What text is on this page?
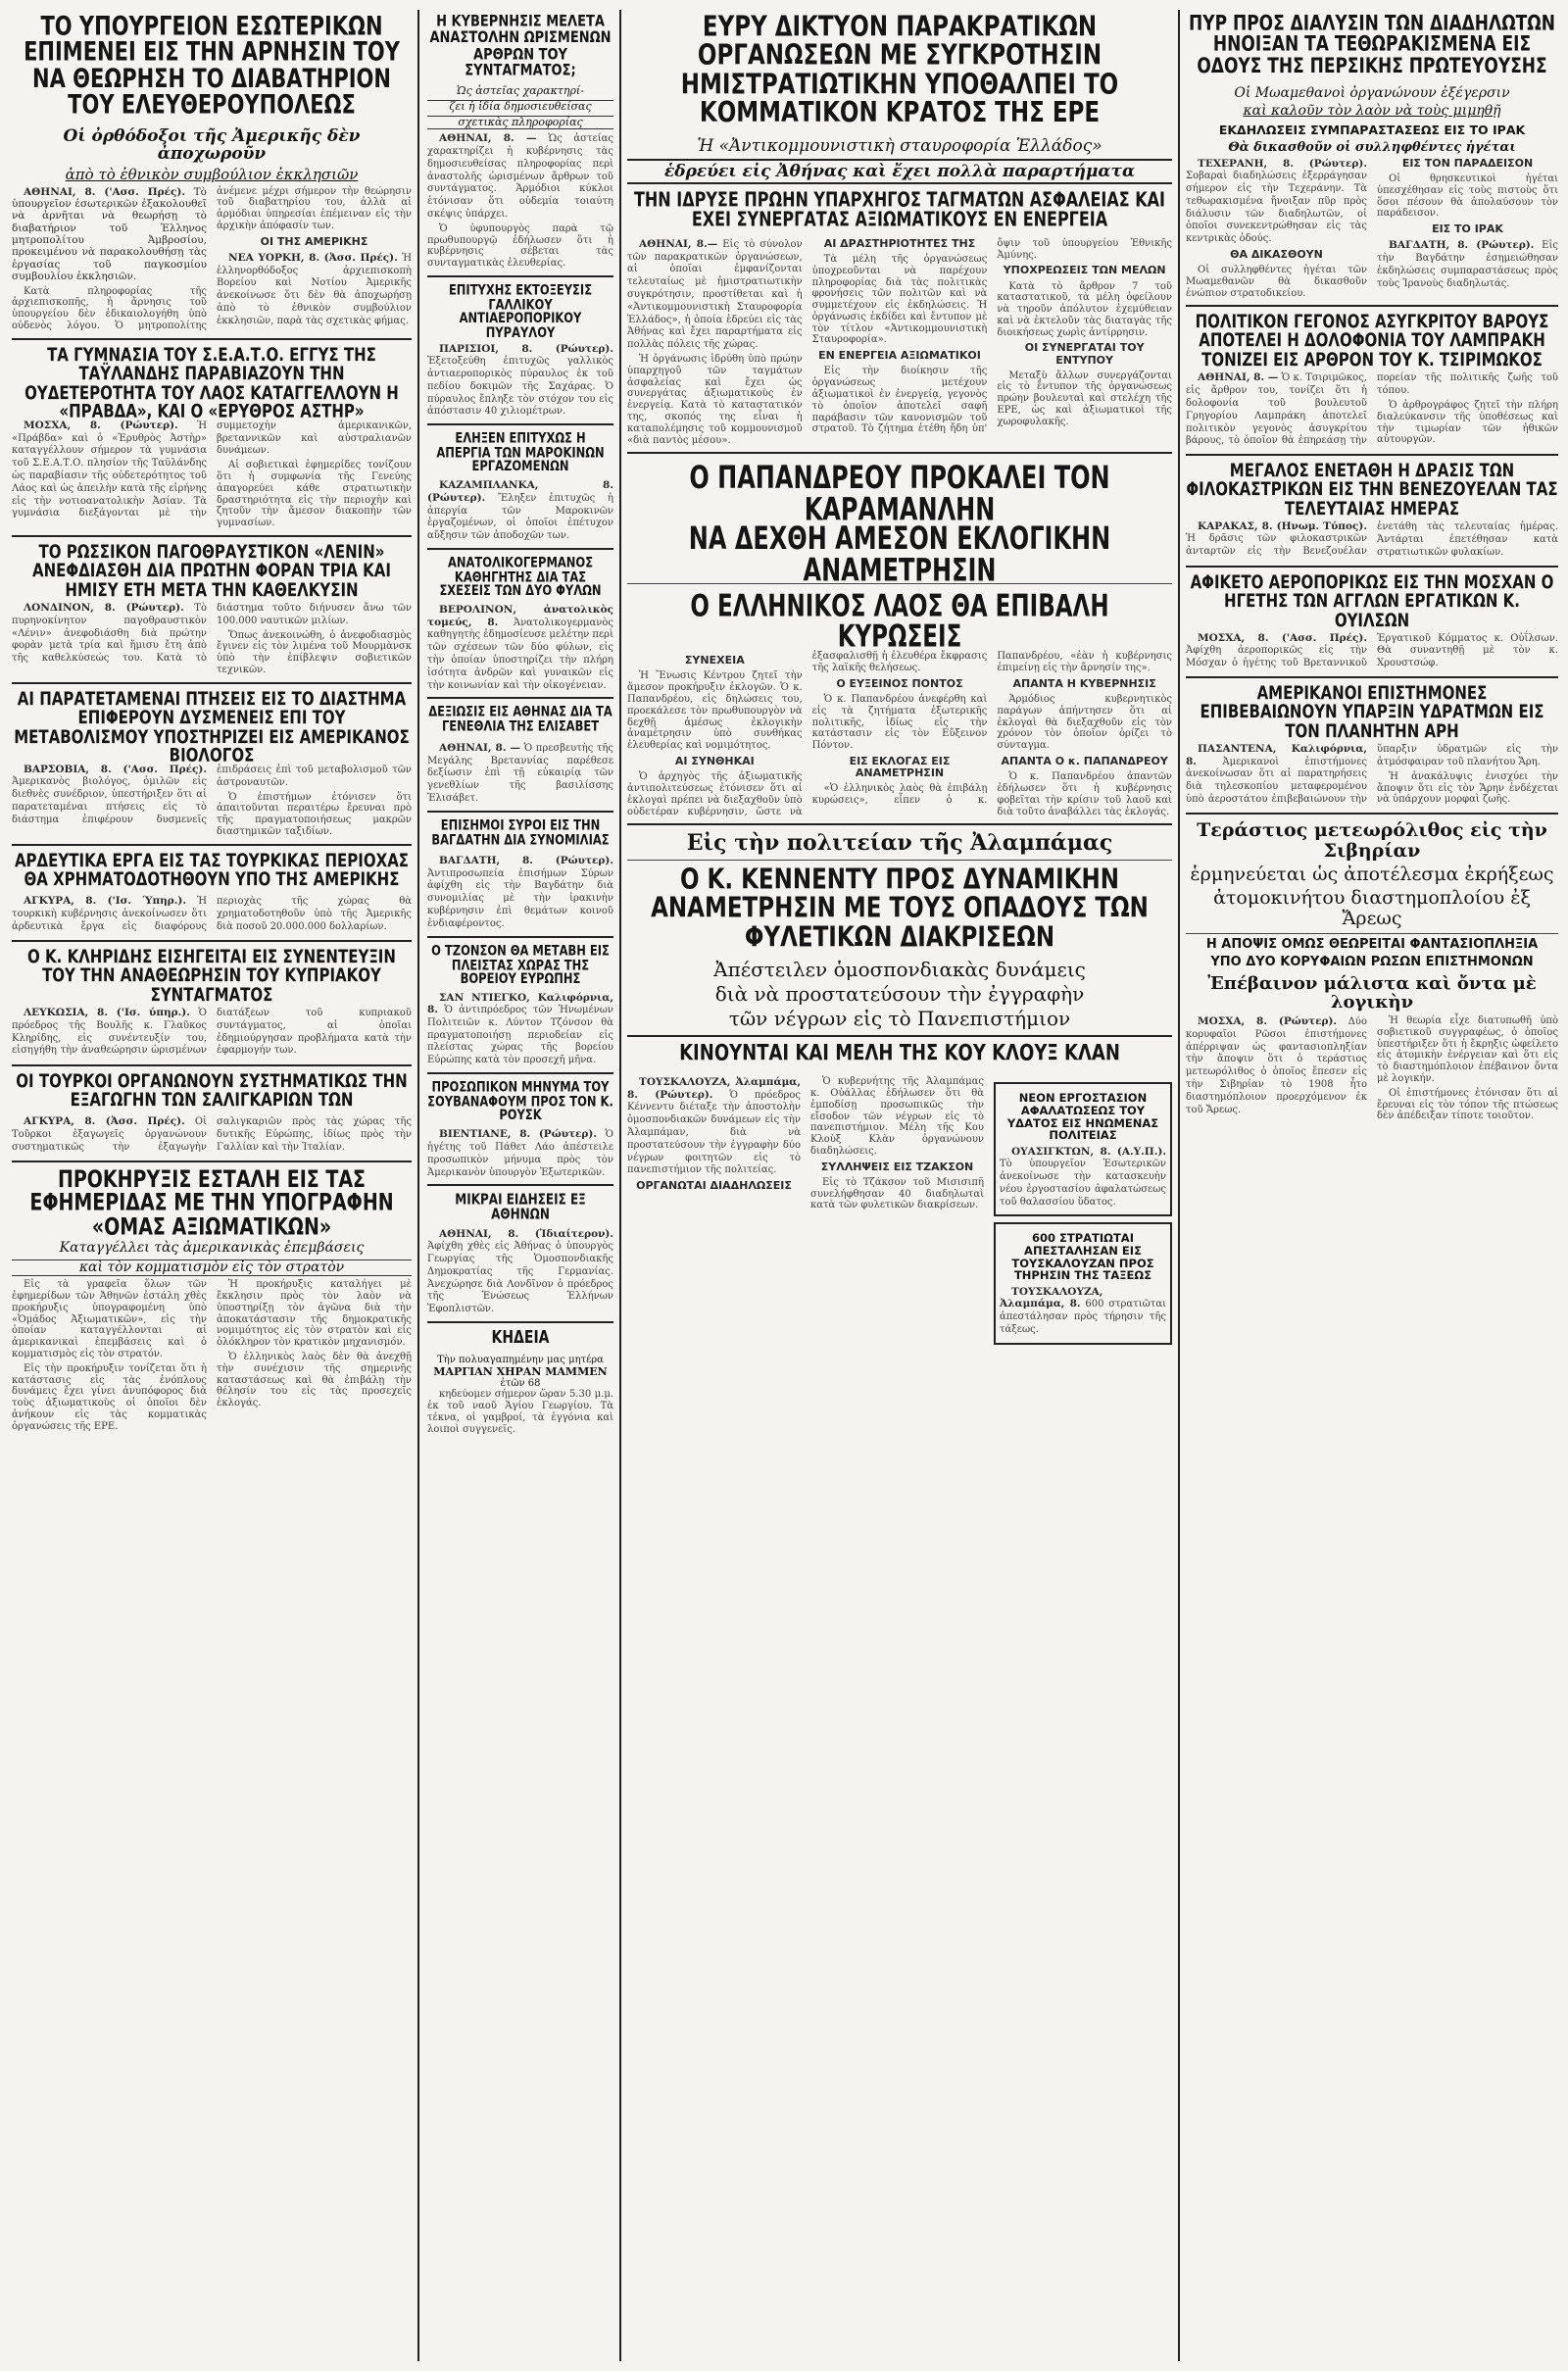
ΤΟ ΥΠΟΥΡΓΕΙΟΝ ΕΣΩΤΕΡΙΚΩΝ ΕΠΙΜΕΝΕΙ ΕΙΣ ΤΗΝ ΑΡΝΗΣΙΝ ΤΟΥ ΝΑ ΘΕΩΡΗΣΗ ΤΟ ΔΙΑΒΑΤΗΡΙΟΝ ΤΟΥ ΕΛΕΥΘΕΡΟΥΠΟΛΕΩΣ
Οἱ ὀρθόδοξοι τῆς Ἀμερικῆς δὲν ἀποχωροῦν
ἀπὸ τὸ ἐθνικὸν συμβούλιον ἐκκλησιῶν

ΑΘΗΝΑΙ, 8. ('Ασσ. Πρές). Τὸ ὑπουργεῖον ἐσωτερικῶν ἐξακολουθεῖ νὰ ἀρνῆται νὰ θεωρήσῃ τὸ διαβατήριον τοῦ Ἐλληνος μητροπολίτου Ἀμβροσίου, προκειμένου νὰ παρακολουθήσῃ τὰς ἐργασίας τοῦ παγκοσμίου συμβουλίου ἐκκλησιῶν.

Κατὰ πληροφορίας τῆς ἀρχιεπισκοπῆς, ἡ ἄρνησις τοῦ ὑπουργείου δὲν ἐδικαιολογήθη ὑπὸ οὐδενὸς λόγου. Ὁ μητροπολίτης ἀνέμενε μέχρι σήμερον τὴν θεώρησιν τοῦ διαβατηρίου του, ἀλλὰ αἱ ἀρμόδιαι ὑπηρεσίαι ἐπέμειναν εἰς τὴν ἀρχικὴν ἀπόφασίν των.

ΟΙ ΤΗΣ ΑΜΕΡΙΚΗΣ

ΝΕΑ ΥΟΡΚΗ, 8. (Ἀσσ. Πρές). Ἡ ἑλληνορθόδοξος ἀρχιεπισκοπὴ Βορείου καὶ Νοτίου Ἀμερικῆς ἀνεκοίνωσε ὅτι δὲν θὰ ἀποχωρήσῃ ἀπὸ τὸ ἐθνικὸν συμβούλιον ἐκκλησιῶν, παρὰ τὰς σχετικὰς φήμας.

ΤΑ ΓΥΜΝΑΣΙΑ ΤΟΥ Σ.Ε.Α.Τ.Ο. ΕΓΓΥΣ ΤΗΣ ΤΑΫΛΑΝΔΗΣ ΠΑΡΑΒΙΑΖΟΥΝ ΤΗΝ ΟΥΔΕΤΕΡΟΤΗΤΑ ΤΟΥ ΛΑΟΣ ΚΑΤΑΓΓΕΛΛΟΥΝ Η «ΠΡΑΒΔΑ», ΚΑΙ Ο «ΕΡΥΘΡΟΣ ΑΣΤΗΡ»

ΜΟΣΧΑ, 8. (Ρώυτερ). Ἡ «Πράβδα» καὶ ὁ «Ἐρυθρὸς Ἀστὴρ» καταγγέλλουν σήμερον τὰ γυμνάσια τοῦ Σ.Ε.Α.Τ.Ο. πλησίον τῆς Ταϋλάνδης ὡς παραβίασιν τῆς οὐδετερότητος τοῦ Λάος καὶ ὡς ἀπειλὴν κατὰ τῆς εἰρήνης εἰς τὴν νοτιοανατολικὴν Ἀσίαν. Τὰ γυμνάσια διεξάγονται μὲ τὴν συμμετοχὴν ἀμερικανικῶν, βρεταννικῶν καὶ αὐστραλιανῶν δυνάμεων.

Αἱ σοβιετικαὶ ἐφημερίδες τονίζουν ὅτι ἡ συμφωνία τῆς Γενεύης ἀπαγορεύει κάθε στρατιωτικὴν δραστηριότητα εἰς τὴν περιοχὴν καὶ ζητοῦν τὴν ἄμεσον διακοπὴν τῶν γυμνασίων.

ΤΟ ΡΩΣΣΙΚΟΝ ΠΑΓΟΘΡΑΥΣΤΙΚΟΝ «ΛΕΝΙΝ» ΑΝΕΦΔΙΑΣΘΗ ΔΙΑ ΠΡΩΤΗΝ ΦΟΡΑΝ ΤΡΙΑ ΚΑΙ ΗΜΙΣΥ ΕΤΗ ΜΕΤΑ ΤΗΝ ΚΑΘΕΛΚΥΣΙΝ

ΛΟΝΔΙΝΟΝ, 8. (Ρώυτερ). Τὸ πυρηνοκίνητον παγοθραυστικὸν «Λένιν» ἀνεφοδιάσθη διὰ πρώτην φορὰν μετὰ τρία καὶ ἥμισυ ἔτη ἀπὸ τῆς καθελκύσεώς του. Κατὰ τὸ διάστημα τοῦτο διήνυσεν ἄνω τῶν 100.000 ναυτικῶν μιλίων.

Ὅπως ἀνεκοινώθη, ὁ ἀνεφοδιασμὸς ἔγινεν εἰς τὸν λιμένα τοῦ Μουρμὰνσκ ὑπὸ τὴν ἐπίβλεψιν σοβιετικῶν τεχνικῶν.

ΑΙ ΠΑΡΑΤΕΤΑΜΕΝΑΙ ΠΤΗΣΕΙΣ ΕΙΣ ΤΟ ΔΙΑΣΤΗΜΑ ΕΠΙΦΕΡΟΥΝ ΔΥΣΜΕΝΕΙΣ ΕΠΙ ΤΟΥ ΜΕΤΑΒΟΛΙΣΜΟΥ ΥΠΟΣΤΗΡΙΖΕΙ ΕΙΣ ΑΜΕΡΙΚΑΝΟΣ ΒΙΟΛΟΓΟΣ

ΒΑΡΣΟΒΙΑ, 8. ('Ασσ. Πρές). Ἀμερικανὸς βιολόγος, ὁμιλῶν εἰς διεθνὲς συνέδριον, ὑπεστήριξεν ὅτι αἱ παρατεταμέναι πτήσεις εἰς τὸ διάστημα ἐπιφέρουν δυσμενεῖς ἐπιδράσεις ἐπὶ τοῦ μεταβολισμοῦ τῶν ἀστροναυτῶν.

Ὁ ἐπιστήμων ἐτόνισεν ὅτι ἀπαιτοῦνται περαιτέρω ἔρευναι πρὸ τῆς πραγματοποιήσεως μακρῶν διαστημικῶν ταξιδίων.

ΑΡΔΕΥΤΙΚΑ ΕΡΓΑ ΕΙΣ ΤΑΣ ΤΟΥΡΚΙΚΑΣ ΠΕΡΙΟΧΑΣ ΘΑ ΧΡΗΜΑΤΟΔΟΤΗΘΟΥΝ ΥΠΟ ΤΗΣ ΑΜΕΡΙΚΗΣ

ΑΓΚΥΡΑ, 8. ('Ισ. Ύπηρ.). Ἡ τουρκικὴ κυβέρνησις ἀνεκοίνωσεν ὅτι ἀρδευτικὰ ἔργα εἰς διαφόρους περιοχὰς τῆς χώρας θὰ χρηματοδοτηθοῦν ὑπὸ τῆς Ἀμερικῆς διὰ ποσοῦ 20.000.000 δολλαρίων.

Ο Κ. ΚΛΗΡΙΔΗΣ ΕΙΣΗΓΕΙΤΑΙ ΕΙΣ ΣΥΝΕΝΤΕΥΞΙΝ ΤΟΥ ΤΗΝ ΑΝΑΘΕΩΡΗΣΙΝ ΤΟΥ ΚΥΠΡΙΑΚΟΥ ΣΥΝΤΑΓΜΑΤΟΣ

ΛΕΥΚΩΣΙΑ, 8. ('Ισ. ύπηρ.). Ὁ πρόεδρος τῆς Βουλῆς κ. Γλαῦκος Κληρίδης, εἰς συνέντευξίν του, εἰσηγήθη τὴν ἀναθεώρησιν ὡρισμένων διατάξεων τοῦ κυπριακοῦ συντάγματος, αἱ ὁποῖαι ἐδημιούργησαν προβλήματα κατὰ τὴν ἐφαρμογήν των.

ΟΙ ΤΟΥΡΚΟΙ ΟΡΓΑΝΩΝΟΥΝ ΣΥΣΤΗΜΑΤΙΚΩΣ ΤΗΝ ΕΞΑΓΩΓΗΝ ΤΩΝ ΣΑΛΙΓΚΑΡΙΩΝ ΤΩΝ

ΑΓΚΥΡΑ, 8. (Ἀσσ. Πρές). Οἱ Τοῦρκοι ἐξαγωγεῖς ὀργανώνουν συστηματικῶς τὴν ἐξαγωγὴν σαλιγκαριῶν πρὸς τὰς χώρας τῆς δυτικῆς Εὐρώπης, ἰδίως πρὸς τὴν Γαλλίαν καὶ τὴν Ἰταλίαν.

ΠΡΟΚΗΡΥΞΙΣ ΕΣΤΑΛΗ ΕΙΣ ΤΑΣ ΕΦΗΜΕΡΙΔΑΣ ΜΕ ΤΗΝ ΥΠΟΓΡΑΦΗΝ «ΟΜΑΣ ΑΞΙΩΜΑΤΙΚΩΝ»
Καταγγέλλει τὰς ἀμερικανικὰς ἐπεμβάσεις
καὶ τὸν κομματισμὸν εἰς τὸν στρατὸν

Εἰς τὰ γραφεῖα ὅλων τῶν ἐφημερίδων τῶν Ἀθηνῶν ἐστάλη χθὲς προκήρυξις ὑπογραφομένη ὑπὸ «Ὁμάδος Ἀξιωματικῶν», εἰς τὴν ὁποίαν καταγγέλλονται αἱ ἀμερικανικαὶ ἐπεμβάσεις καὶ ὁ κομματισμὸς εἰς τὸν στρατόν.

Εἰς τὴν προκήρυξιν τονίζεται ὅτι ἡ κατάστασις εἰς τὰς ἐνόπλους δυνάμεις ἔχει γίνει ἀνυπόφορος διὰ τοὺς ἀξιωματικοὺς οἱ ὁποῖοι δὲν ἀνήκουν εἰς τὰς κομματικὰς ὀργανώσεις τῆς ΕΡΕ.

Ἡ προκήρυξις καταλήγει μὲ ἔκκλησιν πρὸς τὸν λαὸν νὰ ὑποστηρίξῃ τὸν ἀγῶνα διὰ τὴν ἀποκατάστασιν τῆς δημοκρατικῆς νομιμότητος εἰς τὸν στρατὸν καὶ εἰς ὁλόκληρον τὸν κρατικὸν μηχανισμόν.

Ὁ ἑλληνικὸς λαὸς δὲν θὰ ἀνεχθῇ τὴν συνέχισιν τῆς σημερινῆς καταστάσεως καὶ θὰ ἐπιβάλῃ τὴν θέλησίν του εἰς τὰς προσεχεῖς ἐκλογάς.

Η ΚΥΒΕΡΝΗΣΙΣ ΜΕΛΕΤΑ ΑΝΑΣΤΟΛΗΝ ΩΡΙΣΜΕΝΩΝ ΑΡΘΡΩΝ ΤΟΥ ΣΥΝΤΑΓΜΑΤΟΣ;
Ὡς ἀστεῖας χαρακτηρί-
ζει ἡ ἰδία δημοσιευθείσας
σχετικὰς πληροφορίας

ΑΘΗΝΑΙ, 8. — Ὡς ἀστείας χαρακτηρίζει ἡ κυβέρνησις τὰς δημοσιευθείσας πληροφορίας περὶ ἀναστολῆς ὡρισμένων ἄρθρων τοῦ συντάγματος. Ἁρμόδιοι κύκλοι ἐτόνισαν ὅτι οὐδεμία τοιαύτη σκέψις ὑπάρχει.

Ὁ ὑφυπουργὸς παρὰ τῷ πρωθυπουργῷ ἐδήλωσεν ὅτι ἡ κυβέρνησις σέβεται τὰς συνταγματικὰς ἐλευθερίας.

ΕΠΙΤΥΧΗΣ ΕΚΤΟΞΕΥΣΙΣ ΓΑΛΛΙΚΟΥ ΑΝΤΙΑΕΡΟΠΟΡΙΚΟΥ ΠΥΡΑΥΛΟΥ

ΠΑΡΙΣΙΟΙ, 8. (Ρώυτερ). Ἐξετοξεύθη ἐπιτυχῶς γαλλικὸς ἀντιαεροπορικὸς πύραυλος ἐκ τοῦ πεδίου δοκιμῶν τῆς Σαχάρας. Ὁ πύραυλος ἔπληξε τὸν στόχον του εἰς ἀπόστασιν 40 χιλιομέτρων.

ΕΛΗΞΕΝ ΕΠΙΤΥΧΩΣ Η ΑΠΕΡΓΙΑ ΤΩΝ ΜΑΡΟΚΙΝΩΝ ΕΡΓΑΖΟΜΕΝΩΝ

ΚΑΖΑΜΠΛΑΝΚΑ, 8. (Ρώυτερ). Ἔληξεν ἐπιτυχῶς ἡ ἀπεργία τῶν Μαροκινῶν ἐργαζομένων, οἱ ὁποῖοι ἐπέτυχον αὔξησιν τῶν ἀποδοχῶν των.

ΑΝΑΤΟΛΙΚΟΓΕΡΜΑΝΟΣ ΚΑΘΗΓΗΤΗΣ ΔΙΑ ΤΑΣ ΣΧΕΣΕΙΣ ΤΩΝ ΔΥΟ ΦΥΛΩΝ

ΒΕΡΟΛΙΝΟΝ, ἀνατολικὸς τομεύς, 8. Ἀνατολικογερμανὸς καθηγητὴς ἐδημοσίευσε μελέτην περὶ τῶν σχέσεων τῶν δύο φύλων, εἰς τὴν ὁποίαν ὑποστηρίζει τὴν πλήρη ἰσότητα ἀνδρῶν καὶ γυναικῶν εἰς τὴν κοινωνίαν καὶ τὴν οἰκογένειαν.

ΔΕΞΙΩΣΙΣ ΕΙΣ ΑΘΗΝΑΣ ΔΙΑ ΤΑ ΓΕΝΕΘΛΙΑ ΤΗΣ ΕΛΙΣΑΒΕΤ

ΑΘΗΝΑΙ, 8. — Ὁ πρεσβευτὴς τῆς Μεγάλης Βρεταννίας παρέθεσε δεξίωσιν ἐπὶ τῇ εὐκαιρίᾳ τῶν γενεθλίων τῆς βασιλίσσης Ἐλισάβετ.

ΕΠΙΣΗΜΟΙ ΣΥΡΟΙ ΕΙΣ ΤΗΝ ΒΑΓΔΑΤΗΝ ΔΙΑ ΣΥΝΟΜΙΛΙΑΣ

ΒΑΓΔΑΤΗ, 8. (Ρώυτερ). Ἀντιπροσωπεία ἐπισήμων Σύρων ἀφίχθη εἰς τὴν Βαγδάτην διὰ συνομιλίας μὲ τὴν ἰρακινὴν κυβέρνησιν ἐπὶ θεμάτων κοινοῦ ἐνδιαφέροντος.

Ο ΤΖΟΝΣΟΝ ΘΑ ΜΕΤΑΒΗ ΕΙΣ ΠΛΕΙΣΤΑΣ ΧΩΡΑΣ ΤΗΣ ΒΟΡΕΙΟΥ ΕΥΡΩΠΗΣ

ΣΑΝ ΝΤΙΕΓΚΟ, Καλιφόρνια, 8. Ὁ ἀντιπρόεδρος τῶν Ἡνωμένων Πολιτειῶν κ. Λύντον Τζόνσον θὰ πραγματοποιήσῃ περιοδείαν εἰς πλείστας χώρας τῆς βορείου Εὐρώπης κατὰ τὸν προσεχῆ μῆνα.

ΠΡΟΣΩΠΙΚΟΝ ΜΗΝΥΜΑ ΤΟΥ ΣΟΥΒΑΝΑΦΟΥΜ ΠΡΟΣ ΤΟΝ Κ. ΡΟΥΣΚ

ΒΙΕΝΤΙΑΝΕ, 8. (Ρώυτερ). Ὁ ἡγέτης τοῦ Πάθετ Λάο ἀπέστειλε προσωπικὸν μήνυμα πρὸς τὸν Ἀμερικανὸν ὑπουργὸν Ἐξωτερικῶν.

ΜΙΚΡΑΙ ΕΙΔΗΣΕΙΣ ΕΞ ΑΘΗΝΩΝ

ΑΘΗΝΑΙ, 8. (Ἰδιαίτερον). Ἀφίχθη χθὲς εἰς Ἀθήνας ὁ ὑπουργὸς Γεωργίας τῆς Ὁμοσπονδιακῆς Δημοκρατίας τῆς Γερμανίας. Ἀνεχώρησε διὰ Λονδῖνον ὁ πρόεδρος τῆς Ἐνώσεως Ἑλλήνων Ἐφοπλιστῶν.

ΚΗΔΕΙΑ
Τὴν πολυαγαπημένην μας μητέρα
ΜΑΡΓΙΑΝ ΧΗΡΑΝ ΜΑΜΜΕΝ
ἐτῶν 68

κηδεύομεν σήμερον ὥραν 5.30 μ.μ. ἐκ τοῦ ναοῦ Ἁγίου Γεωργίου. Τὰ τέκνα, οἱ γαμβροί, τὰ ἐγγόνια καὶ λοιποὶ συγγενεῖς.

ΕΥΡΥ ΔΙΚΤΥΟΝ ΠΑΡΑΚΡΑΤΙΚΩΝ ΟΡΓΑΝΩΣΕΩΝ ΜΕ ΣΥΓΚΡΟΤΗΣΙΝ ΗΜΙΣΤΡΑΤΙΩΤΙΚΗΝ ΥΠΟΘΑΛΠΕΙ ΤΟ ΚΟΜΜΑΤΙΚΟΝ ΚΡΑΤΟΣ ΤΗΣ ΕΡΕ
Ἡ «Ἀντικομμουνιστικὴ σταυροφορία Ἑλλάδος»
ἑδρεύει εἰς Ἀθήνας καὶ ἔχει πολλὰ παραρτήματα
ΤΗΝ ΙΔΡΥΣΕ ΠΡΩΗΝ ΥΠΑΡΧΗΓΟΣ ΤΑΓΜΑΤΩΝ ΑΣΦΑΛΕΙΑΣ ΚΑΙ ΕΧΕΙ ΣΥΝΕΡΓΑΤΑΣ ΑΞΙΩΜΑΤΙΚΟΥΣ ΕΝ ΕΝΕΡΓΕΙΑ

ΑΘΗΝΑΙ, 8.— Εἰς τὸ σύνολον τῶν παρακρατικῶν ὀργανώσεων, αἱ ὁποῖαι ἐμφανίζονται τελευταίως μὲ ἡμιστρατιωτικὴν συγκρότησιν, προστίθεται καὶ ἡ «Ἀντικομμουνιστικὴ Σταυροφορία Ἑλλάδος», ἡ ὁποία ἑδρεύει εἰς τὰς Ἀθήνας καὶ ἔχει παραρτήματα εἰς πολλὰς πόλεις τῆς χώρας.

Ἡ ὀργάνωσις ἱδρύθη ὑπὸ πρώην ὑπαρχηγοῦ τῶν ταγμάτων ἀσφαλείας καὶ ἔχει ὡς συνεργάτας ἀξιωματικοὺς ἐν ἐνεργείᾳ. Κατὰ τὸ καταστατικόν της, σκοπός της εἶναι ἡ καταπολέμησις τοῦ κομμουνισμοῦ «διὰ παντὸς μέσου».

ΑΙ ΔΡΑΣΤΗΡΙΟΤΗΤΕΣ ΤΗΣ

Τὰ μέλη τῆς ὀργανώσεως ὑποχρεοῦνται νὰ παρέχουν πληροφορίας διὰ τὰς πολιτικὰς φρονήσεις τῶν πολιτῶν καὶ νὰ συμμετέχουν εἰς ἐκδηλώσεις. Ἡ ὀργάνωσις ἐκδίδει καὶ ἔντυπον μὲ τὸν τίτλον «Ἀντικομμουνιστικὴ Σταυροφορία».

ΕΝ ΕΝΕΡΓΕΙΑ ΑΞΙΩΜΑΤΙΚΟΙ

Εἰς τὴν διοίκησιν τῆς ὀργανώσεως μετέχουν ἀξιωματικοὶ ἐν ἐνεργείᾳ, γεγονὸς τὸ ὁποῖον ἀποτελεῖ σαφῆ παράβασιν τῶν κανονισμῶν τοῦ στρατοῦ. Τὸ ζήτημα ἐτέθη ἤδη ὑπ' ὄψιν τοῦ ὑπουργείου Ἐθνικῆς Ἀμύνης.

ΥΠΟΧΡΕΩΣΕΙΣ ΤΩΝ ΜΕΛΩΝ

Κατὰ τὸ ἄρθρον 7 τοῦ καταστατικοῦ, τὰ μέλη ὀφείλουν νὰ τηροῦν ἀπόλυτον ἐχεμύθειαν καὶ νὰ ἐκτελοῦν τὰς διαταγὰς τῆς διοικήσεως χωρὶς ἀντίρρησιν.

ΟΙ ΣΥΝΕΡΓΑΤΑΙ ΤΟΥ ΕΝΤΥΠΟΥ

Μεταξὺ ἄλλων συνεργάζονται εἰς τὸ ἔντυπον τῆς ὀργανώσεως πρώην βουλευταὶ καὶ στελέχη τῆς ΕΡΕ, ὡς καὶ ἀξιωματικοὶ τῆς χωροφυλακῆς.

Ο ΠΑΠΑΝΔΡΕΟΥ ΠΡΟΚΑΛΕΙ ΤΟΝ ΚΑΡΑΜΑΝΛΗΝ
ΝΑ ΔΕΧΘΗ ΑΜΕΣΟΝ ΕΚΛΟΓΙΚΗΝ ΑΝΑΜΕΤΡΗΣΙΝ
Ο ΕΛΛΗΝΙΚΟΣ ΛΑΟΣ ΘΑ ΕΠΙΒΑΛΗ ΚΥΡΩΣΕΙΣ
ΣΥΝΕΧΕΙΑ

Ἡ Ἕνωσις Κέντρου ζητεῖ τὴν ἄμεσον προκήρυξιν ἐκλογῶν. Ὁ κ. Παπανδρέου, εἰς δηλώσεις του, προεκάλεσε τὸν πρωθυπουργὸν νὰ δεχθῇ ἀμέσως ἐκλογικὴν ἀναμέτρησιν ὑπὸ συνθήκας ἐλευθερίας καὶ νομιμότητος.

ΑΙ ΣΥΝΘΗΚΑΙ

Ὁ ἀρχηγὸς τῆς ἀξιωματικῆς ἀντιπολιτεύσεως ἐτόνισεν ὅτι αἱ ἐκλογαὶ πρέπει νὰ διεξαχθοῦν ὑπὸ οὐδετέραν κυβέρνησιν, ὥστε νὰ ἐξασφαλισθῇ ἡ ἐλευθέρα ἔκφρασις τῆς λαϊκῆς θελήσεως.

Ο ΕΥΞΕΙΝΟΣ ΠΟΝΤΟΣ

Ὁ κ. Παπανδρέου ἀνεφέρθη καὶ εἰς τὰ ζητήματα ἐξωτερικῆς πολιτικῆς, ἰδίως εἰς τὴν κατάστασιν εἰς τὸν Εὔξεινον Πόντον.

ΕΙΣ ΕΚΛΟΓΑΣ ΕΙΣ ΑΝΑΜΕΤΡΗΣΙΝ

«Ὁ ἑλληνικὸς λαὸς θὰ ἐπιβάλῃ κυρώσεις», εἶπεν ὁ κ. Παπανδρέου, «ἐὰν ἡ κυβέρνησις ἐπιμείνῃ εἰς τὴν ἄρνησίν της».

ΑΠΑΝΤΑ Η ΚΥΒΕΡΝΗΣΙΣ

Ἁρμόδιος κυβερνητικὸς παράγων ἀπήντησεν ὅτι αἱ ἐκλογαὶ θὰ διεξαχθοῦν εἰς τὸν χρόνον τὸν ὁποῖον ὁρίζει τὸ σύνταγμα.

ΑΠΑΝΤΑ Ο κ. ΠΑΠΑΝΔΡΕΟΥ

Ὁ κ. Παπανδρέου ἀπαντῶν ἐδήλωσεν ὅτι ἡ κυβέρνησις φοβεῖται τὴν κρίσιν τοῦ λαοῦ καὶ διὰ τοῦτο ἀναβάλλει τὰς ἐκλογάς.

Εἰς τὴν πολιτείαν τῆς Ἀλαμπάμας
Ο Κ. ΚΕΝΝΕΝΤΥ ΠΡΟΣ ΔΥΝΑΜΙΚΗΝ ΑΝΑΜΕΤΡΗΣΙΝ ΜΕ ΤΟΥΣ ΟΠΑΔΟΥΣ ΤΩΝ ΦΥΛΕΤΙΚΩΝ ΔΙΑΚΡΙΣΕΩΝ
Ἀπέστειλεν ὁμοσπονδιακὰς δυνάμεις
διὰ νὰ προστατεύσουν τὴν ἐγγραφὴν
τῶν νέγρων εἰς τὸ Πανεπιστήμιον
ΚΙΝΟΥΝΤΑΙ ΚΑΙ ΜΕΛΗ ΤΗΣ ΚΟΥ ΚΛΟΥΞ ΚΛΑΝ

ΤΟΥΣΚΑΛΟΥΖΑ, Ἀλαμπάμα, 8. (Ρώυτερ). Ὁ πρόεδρος Κέννεντυ διέταξε τὴν ἀποστολὴν ὁμοσπονδιακῶν δυνάμεων εἰς τὴν Ἀλαμπάμαν, διὰ νὰ προστατεύσουν τὴν ἐγγραφὴν δύο νέγρων φοιτητῶν εἰς τὸ πανεπιστήμιον τῆς πολιτείας.

ΟΡΓΑΝΩΤΑΙ ΔΙΑΔΗΛΩΣΕΙΣ

Ὁ κυβερνήτης τῆς Ἀλαμπάμας κ. Οὐάλλας ἐδήλωσεν ὅτι θὰ ἐμποδίσῃ προσωπικῶς τὴν εἴσοδον τῶν νέγρων εἰς τὸ πανεπιστήμιον. Μέλη τῆς Κου Κλοὺξ Κλὰν ὀργανώνουν διαδηλώσεις.

ΣΥΛΛΗΨΕΙΣ ΕΙΣ ΤΖΑΚΣΟΝ

Εἰς τὸ Τζάκσον τοῦ Μισισιπῆ συνελήφθησαν 40 διαδηλωταὶ κατὰ τῶν φυλετικῶν διακρίσεων.

ΝΕΟΝ ΕΡΓΟΣΤΑΣΙΟΝ ΑΦΑΛΑΤΩΣΕΩΣ ΤΟΥ ΥΔΑΤΟΣ ΕΙΣ ΗΝΩΜΕΝΑΣ ΠΟΛΙΤΕΙΑΣ

ΟΥΑΣΙΓΚΤΩΝ, 8. (Α.Υ.Π.). Τὸ ὑπουργεῖον Ἐσωτερικῶν ἀνεκοίνωσε τὴν κατασκευὴν νέου ἐργοστασίου ἀφαλατώσεως τοῦ θαλασσίου ὕδατος.

600 ΣΤΡΑΤΙΩΤΑΙ ΑΠΕΣΤΑΛΗΣΑΝ ΕΙΣ ΤΟΥΣΚΑΛΟΥΖΑΝ ΠΡΟΣ ΤΗΡΗΣΙΝ ΤΗΣ ΤΑΞΕΩΣ

ΤΟΥΣΚΑΛΟΥΖΑ, Ἀλαμπάμα, 8. 600 στρατιῶται ἀπεστάλησαν πρὸς τήρησιν τῆς τάξεως.

ΠΥΡ ΠΡΟΣ ΔΙΑΛΥΣΙΝ ΤΩΝ ΔΙΑΔΗΛΩΤΩΝ ΗΝΟΙΞΑΝ ΤΑ ΤΕΘΩΡΑΚΙΣΜΕΝΑ ΕΙΣ ΟΔΟΥΣ ΤΗΣ ΠΕΡΣΙΚΗΣ ΠΡΩΤΕΥΟΥΣΗΣ
Οἱ Μωαμεθανοὶ ὀργανώνουν ἐξέγερσιν
καὶ καλοῦν τὸν λαὸν νὰ τοὺς μιμηθῇ
ΕΚΔΗΛΩΣΕΙΣ ΣΥΜΠΑΡΑΣΤΑΣΕΩΣ ΕΙΣ ΤΟ ΙΡΑΚ
Θὰ δικασθοῦν οἱ συλληφθέντες ἡγέται

ΤΕΧΕΡΑΝΗ, 8. (Ρώυτερ). Σοβαραὶ διαδηλώσεις ἐξερράγησαν σήμερον εἰς τὴν Τεχεράνην. Τὰ τεθωρακισμένα ἤνοιξαν πῦρ πρὸς διάλυσιν τῶν διαδηλωτῶν, οἱ ὁποῖοι συνεκεντρώθησαν εἰς τὰς κεντρικὰς ὁδούς.

ΘΑ ΔΙΚΑΣΘΟΥΝ

Οἱ συλληφθέντες ἡγέται τῶν Μωαμεθανῶν θὰ δικασθοῦν ἐνώπιον στρατοδικείου.

ΕΙΣ ΤΟΝ ΠΑΡΑΔΕΙΣΟΝ

Οἱ θρησκευτικοὶ ἡγέται ὑπεσχέθησαν εἰς τοὺς πιστοὺς ὅτι ὅσοι πέσουν θὰ ἀπολαύσουν τὸν παράδεισον.

ΕΙΣ ΤΟ ΙΡΑΚ

ΒΑΓΔΑΤΗ, 8. (Ρώυτερ). Εἰς τὴν Βαγδάτην ἐσημειώθησαν ἐκδηλώσεις συμπαραστάσεως πρὸς τοὺς Ἰρανοὺς διαδηλωτάς.

ΠΟΛΙΤΙΚΟΝ ΓΕΓΟΝΟΣ ΑΣΥΓΚΡΙΤΟΥ ΒΑΡΟΥΣ ΑΠΟΤΕΛΕΙ Η ΔΟΛΟΦΟΝΙΑ ΤΟΥ ΛΑΜΠΡΑΚΗ ΤΟΝΙΖΕΙ ΕΙΣ ΑΡΘΡΟΝ ΤΟΥ Κ. ΤΣΙΡΙΜΩΚΟΣ

ΑΘΗΝΑΙ, 8. — Ὁ κ. Τσιριμῶκος, εἰς ἄρθρον του, τονίζει ὅτι ἡ δολοφονία τοῦ βουλευτοῦ Γρηγορίου Λαμπράκη ἀποτελεῖ πολιτικὸν γεγονὸς ἀσυγκρίτου βάρους, τὸ ὁποῖον θὰ ἐπηρεάσῃ τὴν πορείαν τῆς πολιτικῆς ζωῆς τοῦ τόπου.

Ὁ ἀρθρογράφος ζητεῖ τὴν πλήρη διαλεύκανσιν τῆς ὑποθέσεως καὶ τὴν τιμωρίαν τῶν ἠθικῶν αὐτουργῶν.

ΜΕΓΑΛΟΣ ΕΝΕΤΑΘΗ Η ΔΡΑΣΙΣ ΤΩΝ ΦΙΛΟΚΑΣΤΡΙΚΩΝ ΕΙΣ ΤΗΝ ΒΕΝΕΖΟΥΕΛΑΝ ΤΑΣ ΤΕΛΕΥΤΑΙΑΣ ΗΜΕΡΑΣ

ΚΑΡΑΚΑΣ, 8. (Ηνωμ. Τύπος). Ἡ δρᾶσις τῶν φιλοκαστρικῶν ἀνταρτῶν εἰς τὴν Βενεζουέλαν ἐνετάθη τὰς τελευταίας ἡμέρας. Ἀντάρται ἐπετέθησαν κατὰ στρατιωτικῶν φυλακίων.

ΑΦΙΚΕΤΟ ΑΕΡΟΠΟΡΙΚΩΣ ΕΙΣ ΤΗΝ ΜΟΣΧΑΝ Ο ΗΓΕΤΗΣ ΤΩΝ ΑΓΓΛΩΝ ΕΡΓΑΤΙΚΩΝ Κ. ΟΥΙΛΣΩΝ

ΜΟΣΧΑ, 8. ('Ασσ. Πρές). Ἀφίχθη ἀεροπορικῶς εἰς τὴν Μόσχαν ὁ ἡγέτης τοῦ Βρεταννικοῦ Ἐργατικοῦ Κόμματος κ. Οὐΐλσων. Θὰ συναντηθῇ μὲ τὸν κ. Χρουστσώφ.

ΑΜΕΡΙΚΑΝΟΙ ΕΠΙΣΤΗΜΟΝΕΣ ΕΠΙΒΕΒΑΙΩΝΟΥΝ ΥΠΑΡΞΙΝ ΥΔΡΑΤΜΩΝ ΕΙΣ ΤΟΝ ΠΛΑΝΗΤΗΝ ΑΡΗ

ΠΑΣΑΝΤΕΝΑ, Καλιφόρνια, 8.	Ἀμερικανοὶ ἐπιστήμονες ἀνεκοίνωσαν ὅτι αἱ παρατηρήσεις διὰ τηλεσκοπίου μεταφερομένου ὑπὸ ἀεροστάτου ἐπιβεβαιώνουν τὴν ὕπαρξιν ὑδρατμῶν εἰς τὴν ἀτμόσφαιραν τοῦ πλανήτου Ἄρη.

Ἡ ἀνακάλυψις ἐνισχύει τὴν ἄποψιν ὅτι εἰς τὸν Ἄρην ἐνδέχεται νὰ ὑπάρχουν μορφαὶ ζωῆς.

Τεράστιος μετεωρόλιθος εἰς τὴν Σιβηρίαν
ἑρμηνεύεται ὡς ἀποτέλεσμα ἐκρήξεως
ἀτομοκινήτου διαστημοπλοίου ἐξ Ἄρεως
Η ΑΠΟΨΙΣ ΟΜΩΣ ΘΕΩΡΕΙΤΑΙ ΦΑΝΤΑΣΙΟΠΛΗΞΙΑ
ΥΠΟ ΔΥΟ ΚΟΡΥΦΑΙΩΝ ΡΩΣΩΝ ΕΠΙΣΤΗΜΟΝΩΝ
Ἐπέβαινον μάλιστα καὶ ὄντα μὲ λογικὴν

ΜΟΣΧΑ, 8. (Ρώυτερ). Δύο κορυφαῖοι Ρῶσοι ἐπιστήμονες ἀπέρριψαν ὡς φαντασιοπληξίαν τὴν ἄποψιν ὅτι ὁ τεράστιος μετεωρόλιθος ὁ ὁποῖος ἔπεσεν εἰς τὴν Σιβηρίαν τὸ 1908 ἦτο διαστημόπλοιον προερχόμενον ἐκ τοῦ Ἄρεως.

Ἡ θεωρία εἶχε διατυπωθῆ ὑπὸ σοβιετικοῦ συγγραφέως, ὁ ὁποῖος ὑπεστήριξεν ὅτι ἡ ἔκρηξις ὠφείλετο εἰς ἀτομικὴν ἐνέργειαν καὶ ὅτι εἰς τὸ διαστημόπλοιον ἐπέβαινον ὄντα μὲ λογικήν.

Οἱ ἐπιστήμονες ἐτόνισαν ὅτι αἱ ἔρευναι εἰς τὸν τόπον τῆς πτώσεως δὲν ἀπέδειξαν τίποτε τοιοῦτον.
